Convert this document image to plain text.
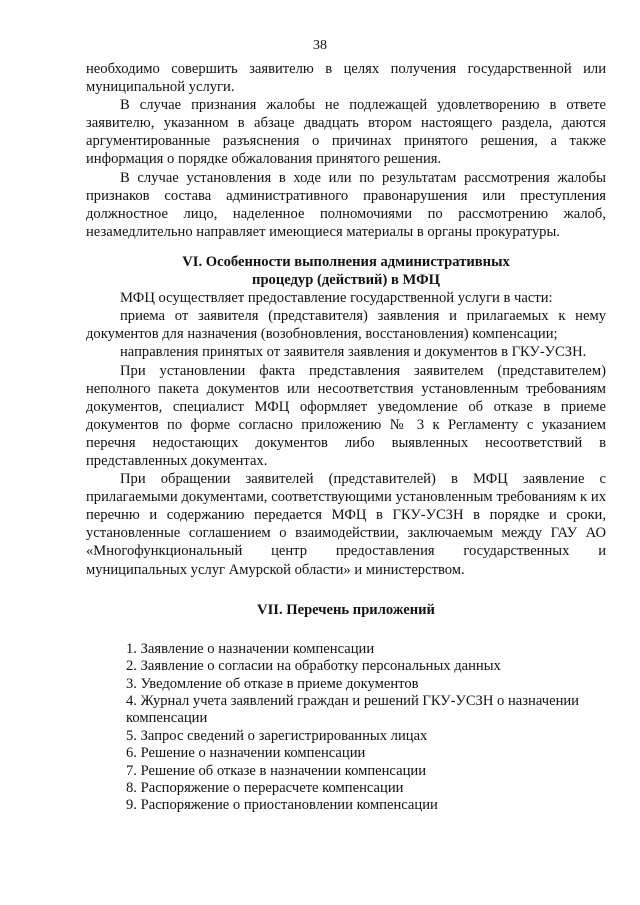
38

необходимо совершить заявителю в целях получения государственной или муниципальной услуги.

В случае признания жалобы не подлежащей удовлетворению в ответе заявителю, указанном в абзаце двадцать втором настоящего раздела, даются аргументированные разъяснения о причинах принятого решения, а также информация о порядке обжалования принятого решения.

В случае установления в ходе или по результатам рассмотрения жалобы признаков состава административного правонарушения или преступления должностное лицо, наделенное полномочиями по рассмотрению жалоб, незамедлительно направляет имеющиеся материалы в органы прокуратуры.

VI. Особенности выполнения административных
процедур (действий) в МФЦ

МФЦ осуществляет предоставление государственной услуги в части:

приема от заявителя (представителя) заявления и прилагаемых к нему документов для назначения (возобновления, восстановления) компенсации;

направления принятых от заявителя заявления и документов в ГКУ-УСЗН.

При установлении факта представления заявителем (представителем) неполного пакета документов или несоответствия установленным требованиям документов, специалист МФЦ оформляет уведомление об отказе в приеме документов по форме согласно приложению № 3 к Регламенту с указанием перечня недостающих документов либо выявленных несоответствий в представленных документах.

При обращении заявителей (представителей) в МФЦ заявление с прилагаемыми документами, соответствующими установленным требованиям к их перечню и содержанию передается МФЦ в ГКУ-УСЗН в порядке и сроки, установленные соглашением о взаимодействии, заключаемым между ГАУ АО «Многофункциональный центр предоставления государственных и муниципальных услуг Амурской области» и министерством.

VII. Перечень приложений
1. Заявление о назначении компенсации
2. Заявление о согласии на обработку персональных данных
3. Уведомление об отказе в приеме документов
4. Журнал учета заявлений граждан и решений ГКУ-УСЗН о назначении компенсации
5. Запрос сведений о зарегистрированных лицах
6. Решение о назначении компенсации
7. Решение об отказе в назначении компенсации
8. Распоряжение о перерасчете компенсации
9. Распоряжение о приостановлении компенсации
